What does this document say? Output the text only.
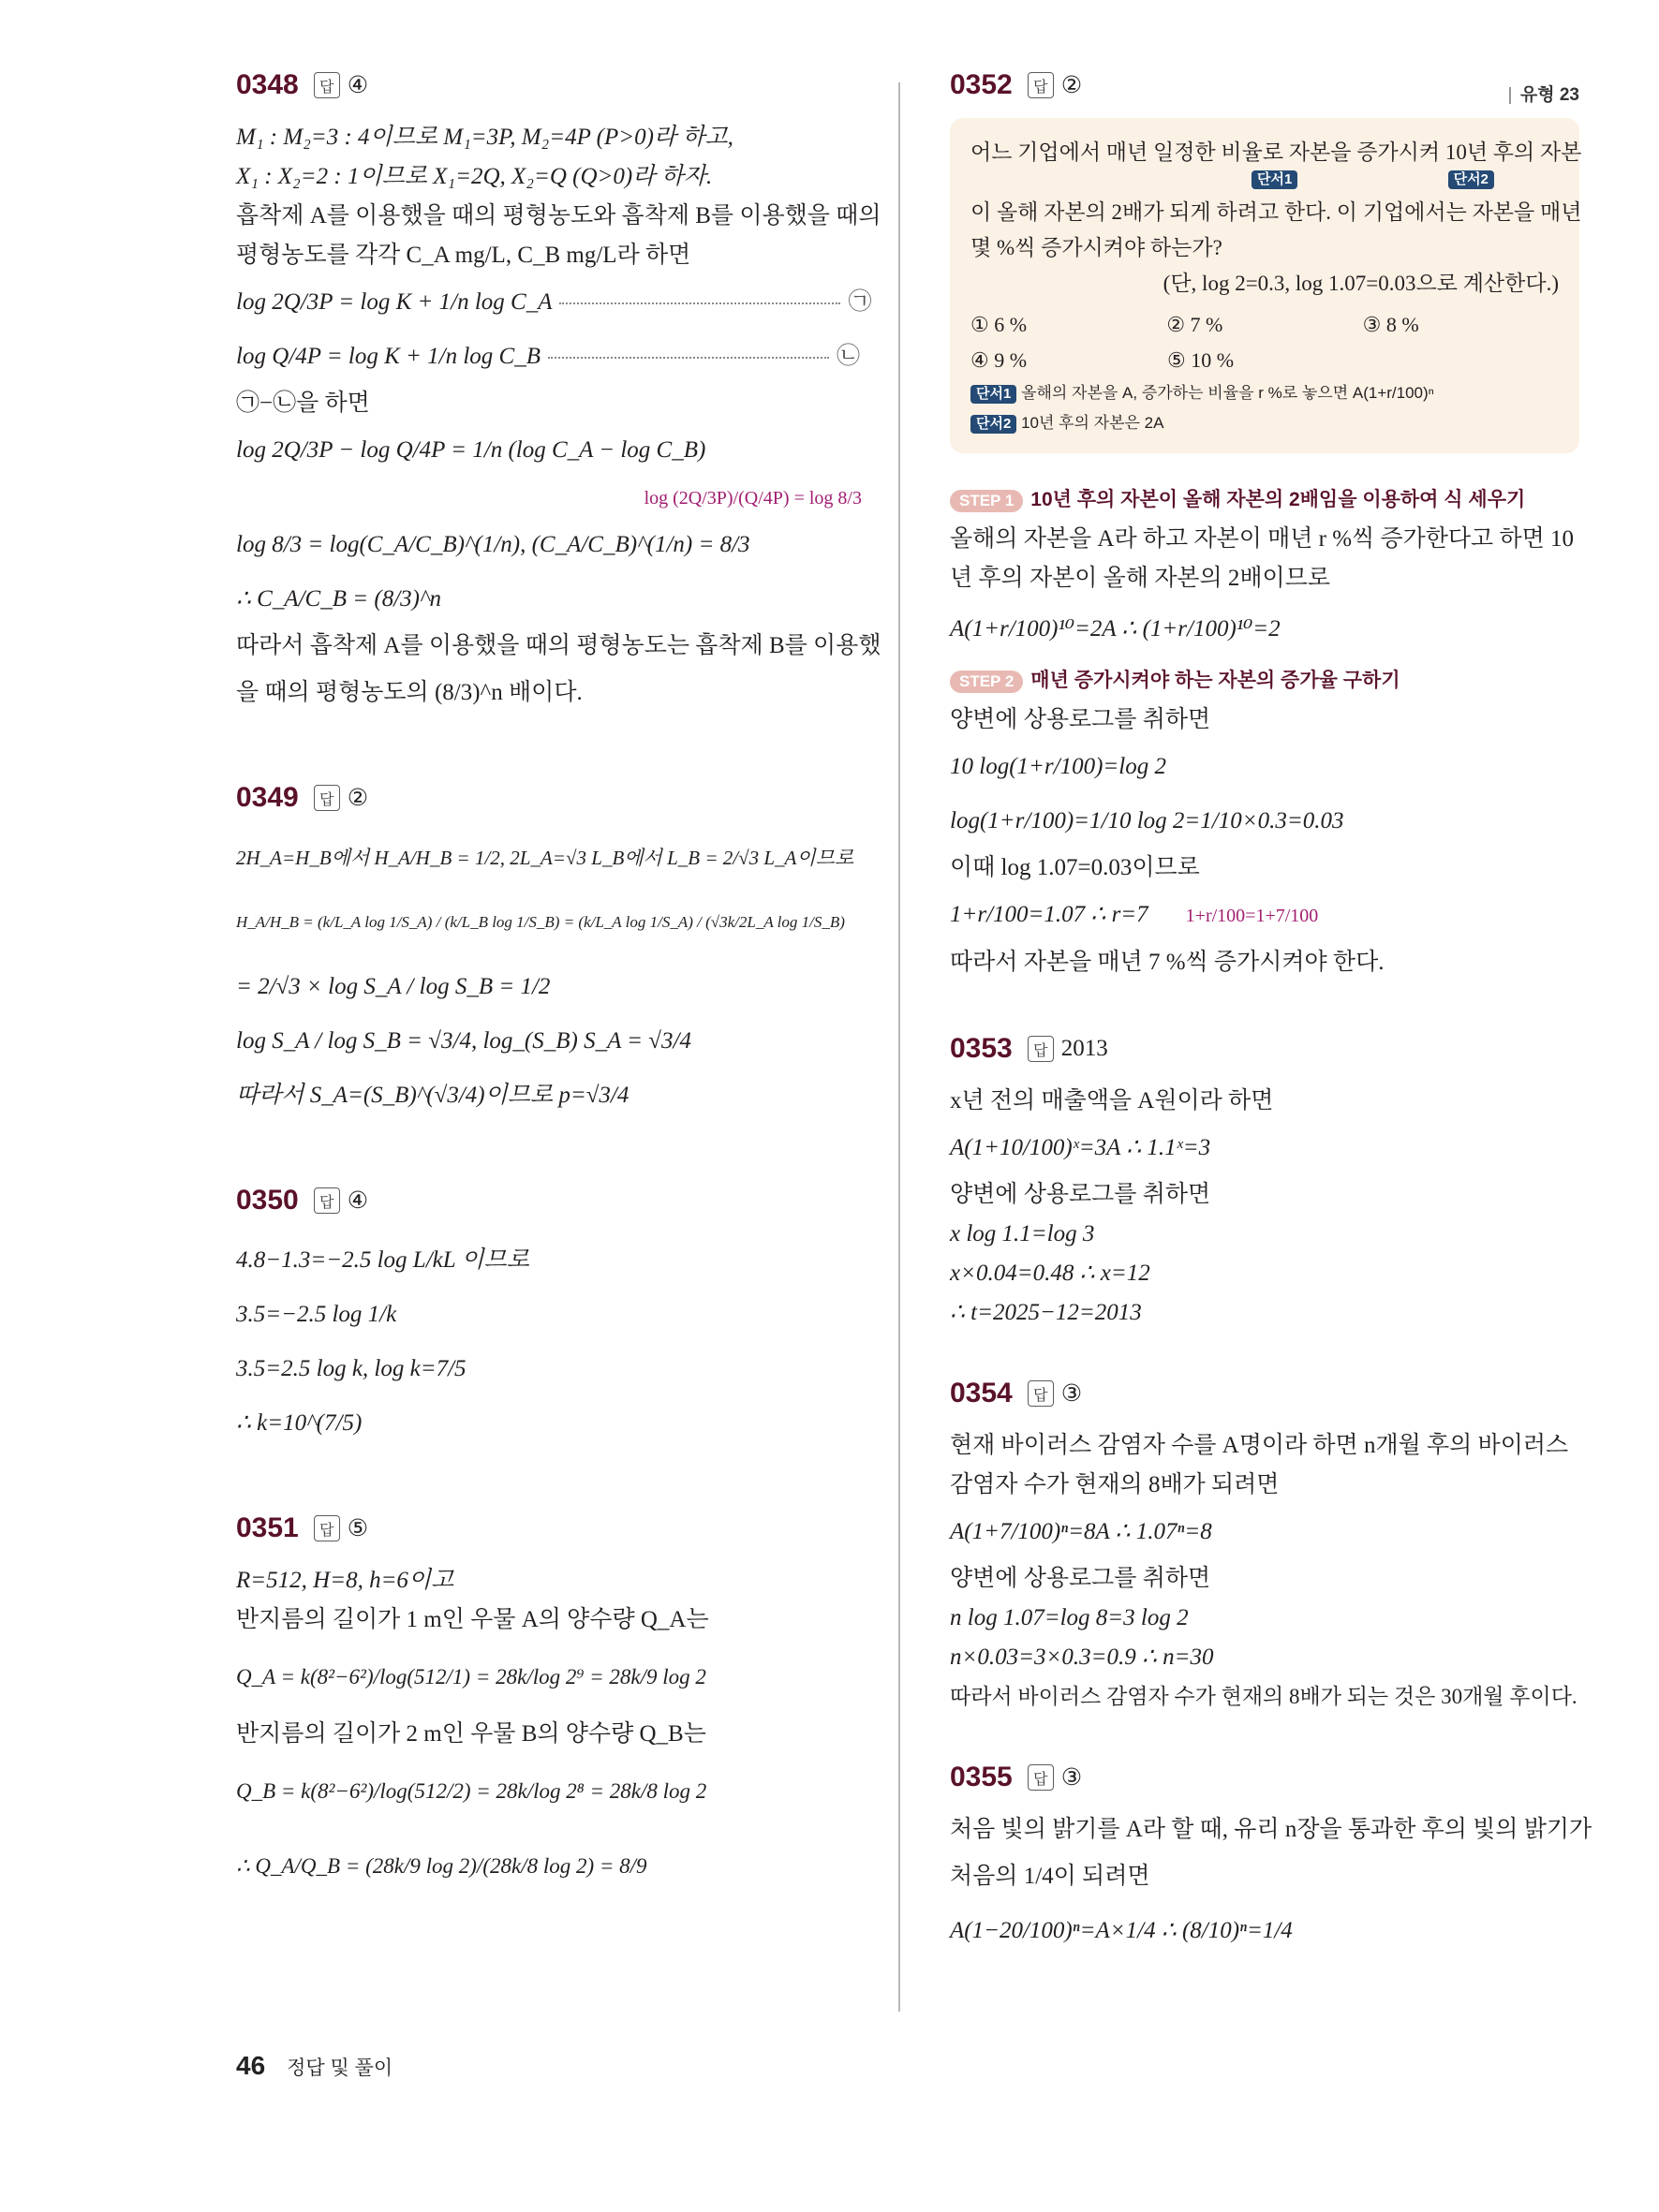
유형 23
0348	답 ④
M₁ : M₂=3 : 4이므로 M₁=3P, M₂=4P (P>0)라 하고,
X₁ : X₂=2 : 1이므로 X₁=2Q, X₂=Q (Q>0)라 하자.
흡착제 A를 이용했을 때의 평형농도와 흡착제 B를 이용했을 때의
평형농도를 각각 C_A mg/L, C_B mg/L라 하면
log 2Q/3P = log K + 1/n log C_A	㉠
log Q/4P = log K + 1/n log C_B	㉡
㉠−㉡을 하면
log 2Q/3P − log Q/4P = 1/n (log C_A − log C_B)
log (2Q/3P)/(Q/4P) = log 8/3
log 8/3 = log(C_A/C_B)^(1/n), (C_A/C_B)^(1/n) = 8/3
∴ C_A/C_B = (8/3)^n
따라서 흡착제 A를 이용했을 때의 평형농도는 흡착제 B를 이용했
을 때의 평형농도의 (8/3)^n 배이다.
0349	답 ②
2H_A=H_B에서 H_A/H_B = 1/2, 2L_A=√3 L_B에서 L_B = 2/√3 L_A이므로
H_A/H_B = (k/L_A log 1/S_A) / (k/L_B log 1/S_B) = (k/L_A log 1/S_A) / (√3k/2L_A log 1/S_B)
= 2/√3 × log S_A / log S_B = 1/2
log S_A / log S_B = √3/4, log_(S_B) S_A = √3/4
따라서 S_A=(S_B)^(√3/4)이므로 p=√3/4
0350	답 ④
4.8−1.3=−2.5 log L/kL 이므로
3.5=−2.5 log 1/k
3.5=2.5 log k, log k=7/5
∴ k=10^(7/5)
0351	답 ⑤
R=512, H=8, h=6이고
반지름의 길이가 1 m인 우물 A의 양수량 Q_A는
Q_A = k(8²−6²)/log(512/1) = 28k/log 2⁹ = 28k/9 log 2
반지름의 길이가 2 m인 우물 B의 양수량 Q_B는
Q_B = k(8²−6²)/log(512/2) = 28k/log 2⁸ = 28k/8 log 2
∴ Q_A/Q_B = (28k/9 log 2)/(28k/8 log 2) = 8/9
0352	답 ②
어느 기업에서 매년 일정한 비율로 자본을 증가시켜 10년 후의 자본
단서1	단서2
이 올해 자본의 2배가 되게 하려고 한다. 이 기업에서는 자본을 매년
몇 %씩 증가시켜야 하는가?
(단, log 2=0.3, log 1.07=0.03으로 계산한다.)
① 6 %	② 7 %	③ 8 %
④ 9 %	⑤ 10 %
단서1 올해의 자본을 A, 증가하는 비율을 r %로 놓으면 A(1+r/100)ⁿ
단서2 10년 후의 자본은 2A
STEP 1 10년 후의 자본이 올해 자본의 2배임을 이용하여 식 세우기
올해의 자본을 A라 하고 자본이 매년 r %씩 증가한다고 하면 10
년 후의 자본이 올해 자본의 2배이므로
A(1+r/100)¹⁰=2A ∴ (1+r/100)¹⁰=2
STEP 2 매년 증가시켜야 하는 자본의 증가율 구하기
양변에 상용로그를 취하면
10 log(1+r/100)=log 2
log(1+r/100)=1/10 log 2=1/10×0.3=0.03
이때 log 1.07=0.03이므로
1+r/100=1.07 ∴ r=7 1+r/100=1+7/100
따라서 자본을 매년 7 %씩 증가시켜야 한다.
0353	답 2013
x년 전의 매출액을 A원이라 하면
A(1+10/100)ˣ=3A ∴ 1.1ˣ=3
양변에 상용로그를 취하면
x log 1.1=log 3
x×0.04=0.48 ∴ x=12
∴ t=2025−12=2013
0354	답 ③
현재 바이러스 감염자 수를 A명이라 하면 n개월 후의 바이러스
감염자 수가 현재의 8배가 되려면
A(1+7/100)ⁿ=8A ∴ 1.07ⁿ=8
양변에 상용로그를 취하면
n log 1.07=log 8=3 log 2
n×0.03=3×0.3=0.9 ∴ n=30
따라서 바이러스 감염자 수가 현재의 8배가 되는 것은 30개월 후이다.
0355	답 ③
처음 빛의 밝기를 A라 할 때, 유리 n장을 통과한 후의 빛의 밝기가
처음의 1/4이 되려면
A(1−20/100)ⁿ=A×1/4 ∴ (8/10)ⁿ=1/4
46 정답 및 풀이
